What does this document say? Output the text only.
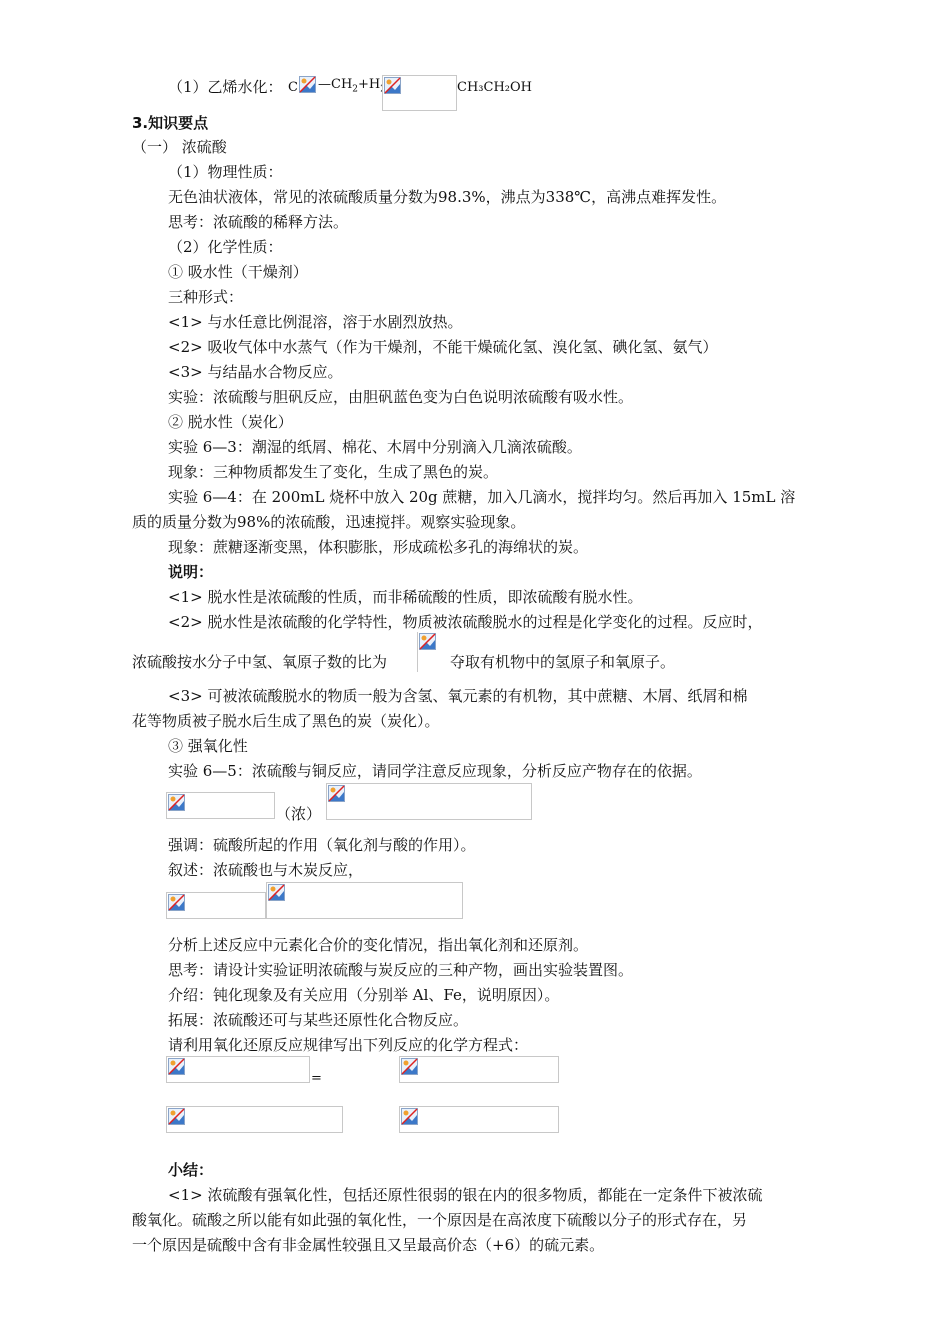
（1）乙烯水化： C $—CH_2+H$	CH₃CH₂OH
3.知识要点
（一） 浓硫酸
（1）物理性质：
无色油状液体，常见的浓硫酸质量分数为98.3%，沸点为338℃，高沸点难挥发性。
思考：浓硫酸的稀释方法。
（2）化学性质：
① 吸水性（干燥剂）
三种形式：
<1> 与水任意比例混溶，溶于水剧烈放热。
<2> 吸收气体中水蒸气（作为干燥剂，不能干燥硫化氢、溴化氢、碘化氢、氨气）
<3> 与结晶水合物反应。
实验：浓硫酸与胆矾反应，由胆矾蓝色变为白色说明浓硫酸有吸水性。
② 脱水性（炭化）
实验 6—3：潮湿的纸屑、棉花、木屑中分别滴入几滴浓硫酸。
现象：三种物质都发生了变化，生成了黑色的炭。
实验 6—4：在 200mL 烧杯中放入 20g 蔗糖，加入几滴水，搅拌均匀。然后再加入 15mL 溶
质的质量分数为98%的浓硫酸，迅速搅拌。观察实验现象。
现象：蔗糖逐渐变黑，体积膨胀，形成疏松多孔的海绵状的炭。
说明：
<1> 脱水性是浓硫酸的性质，而非稀硫酸的性质，即浓硫酸有脱水性。
<2> 脱水性是浓硫酸的化学特性，物质被浓硫酸脱水的过程是化学变化的过程。反应时，
浓硫酸按水分子中氢、氧原子数的比为	夺取有机物中的氢原子和氧原子。
<3> 可被浓硫酸脱水的物质一般为含氢、氧元素的有机物，其中蔗糖、木屑、纸屑和棉
花等物质被子脱水后生成了黑色的炭（炭化）。
③ 强氧化性
实验 6—5：浓硫酸与铜反应，请同学注意反应现象，分析反应产物存在的依据。
（浓）
强调：硫酸所起的作用（氧化剂与酸的作用）。
叙述：浓硫酸也与木炭反应，
分析上述反应中元素化合价的变化情况，指出氧化剂和还原剂。
思考：请设计实验证明浓硫酸与炭反应的三种产物，画出实验装置图。
介绍：钝化现象及有关应用（分别举 Al、Fe，说明原因）。
拓展：浓硫酸还可与某些还原性化合物反应。
请利用氧化还原反应规律写出下列反应的化学方程式：
=
小结：
<1> 浓硫酸有强氧化性，包括还原性很弱的银在内的很多物质，都能在一定条件下被浓硫
酸氧化。硫酸之所以能有如此强的氧化性，一个原因是在高浓度下硫酸以分子的形式存在，另
一个原因是硫酸中含有非金属性较强且又呈最高价态（+6）的硫元素。
